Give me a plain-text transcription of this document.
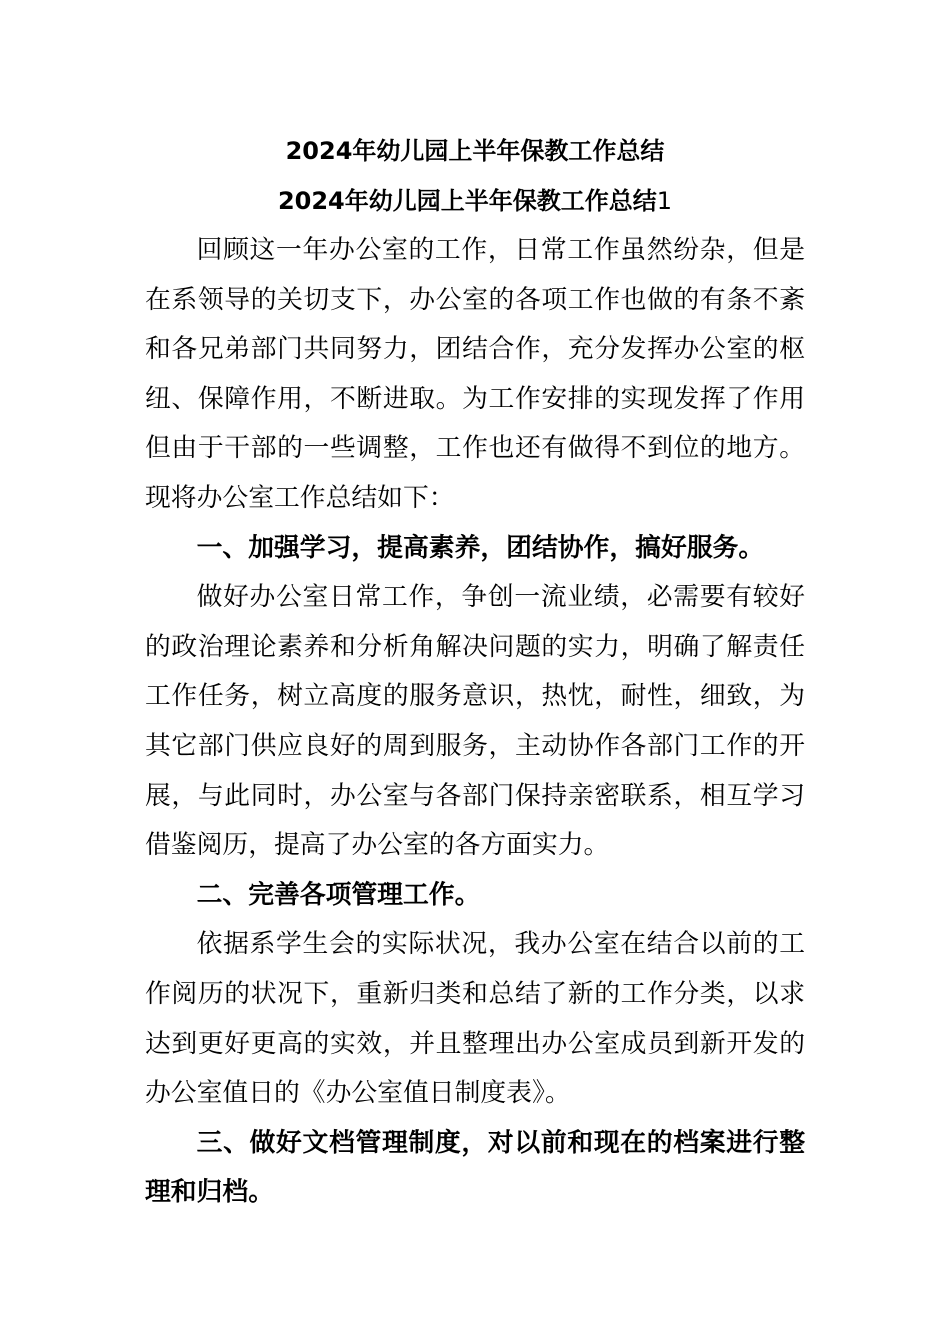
2024年幼儿园上半年保教工作总结
2024年幼儿园上半年保教工作总结1
回顾这一年办公室的工作，日常工作虽然纷杂，但是
在系领导的关切支下，办公室的各项工作也做的有条不紊
和各兄弟部门共同努力，团结合作，充分发挥办公室的枢
纽、保障作用，不断进取。为工作安排的实现发挥了作用
但由于干部的一些调整，工作也还有做得不到位的地方。
现将办公室工作总结如下：
一、加强学习，提高素养，团结协作，搞好服务。
做好办公室日常工作，争创一流业绩，必需要有较好
的政治理论素养和分析角解决问题的实力，明确了解责任
工作任务，树立高度的服务意识，热忱，耐性，细致，为
其它部门供应良好的周到服务，主动协作各部门工作的开
展，与此同时，办公室与各部门保持亲密联系，相互学习
借鉴阅历，提高了办公室的各方面实力。
二、完善各项管理工作。
依据系学生会的实际状况，我办公室在结合以前的工
作阅历的状况下，重新归类和总结了新的工作分类，以求
达到更好更高的实效，并且整理出办公室成员到新开发的
办公室值日的《办公室值日制度表》。
三、做好文档管理制度，对以前和现在的档案进行整
理和归档。
